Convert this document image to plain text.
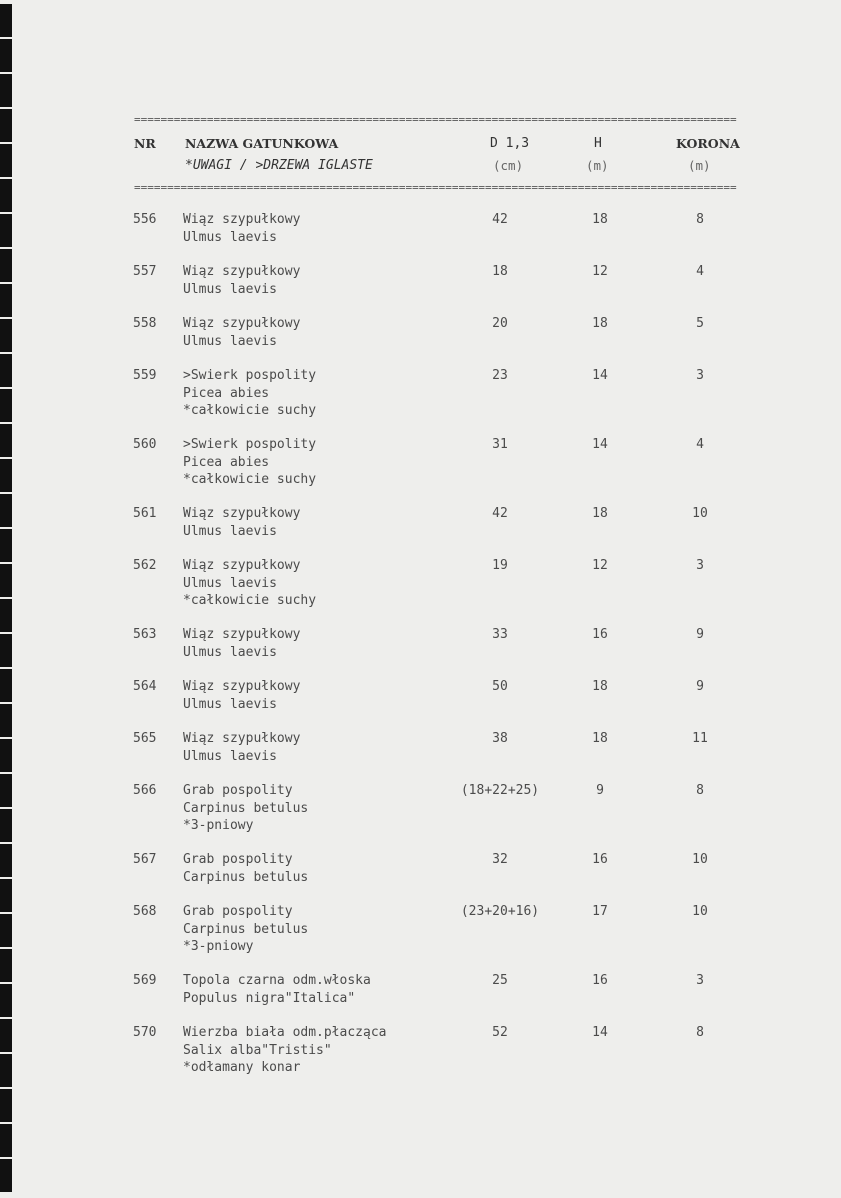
===========================================================================================
NR NAZWA GATUNKOWA	D 1,3	H	KORONA
*UWAGI / >DRZEWA IGLASTE	(cm)	(m)	(m)
===========================================================================================
556 Wiąz szypułkowy
Ulmus laevis
42	18	8
557 Wiąz szypułkowy
Ulmus laevis
18	12	4
558 Wiąz szypułkowy
Ulmus laevis
20	18	5
559 >Swierk pospolity
Picea abies
*całkowicie suchy
23	14	3
560 >Swierk pospolity
Picea abies
*całkowicie suchy
31	14	4
561 Wiąz szypułkowy
Ulmus laevis
42	18	10
562 Wiąz szypułkowy
Ulmus laevis
*całkowicie suchy
19	12	3
563 Wiąz szypułkowy
Ulmus laevis
33	16	9
564 Wiąz szypułkowy
Ulmus laevis
50	18	9
565 Wiąz szypułkowy
Ulmus laevis
38	18	11
566 Grab pospolity
Carpinus betulus
*3-pniowy
(18+22+25)	9	8
567 Grab pospolity
Carpinus betulus
32	16	10
568 Grab pospolity
Carpinus betulus
*3-pniowy
(23+20+16)	17	10
569 Topola czarna odm.włoska
Populus nigra"Italica"
25	16	3
570 Wierzba biała odm.płacząca
Salix alba"Tristis"
*odłamany konar
52	14	8
